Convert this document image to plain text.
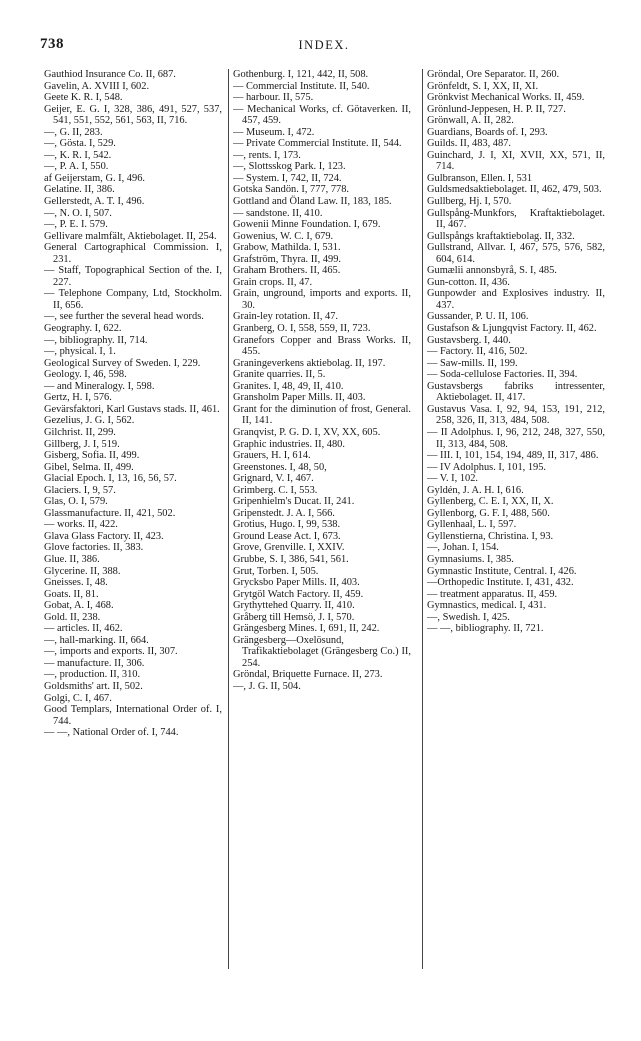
738	INDEX.

Gauthiod Insurance Co. II, 687.

Gavelin, A. XVIII I, 602.

Geete K. R. I, 548.

Geijer, E. G. I, 328, 386, 491, 527, 537, 541, 551, 552, 561, 563, II, 716.

—, G. II, 283.

—, Gösta. I, 529.

—, K. R. I, 542.

—, P. A. I, 550.

af Geijerstam, G. I, 496.

Gelatine. II, 386.

Gellerstedt, A. T. I, 496.

—, N. O. I, 507.

—, P. E. I. 579.

Gellivare malmfält, Aktiebolaget. II, 254.

General Cartographical Commission. I, 231.

— Staff, Topographical Section of the. I, 227.

— Telephone Company, Ltd, Stockholm. II, 656.

—, see further the several head words.

Geography. I, 622.

—, bibliography. II, 714.

—, physical. I, 1.

Geological Survey of Sweden. I, 229.

Geology. I, 46, 598.

— and Mineralogy. I, 598.

Gertz, H. I, 576.

Gevärsfaktori, Karl Gustavs stads. II, 461.

Gezelius, J. G. I, 562.

Gilchrist. II, 299.

Gillberg, J. I, 519.

Gisberg, Sofia. II, 499.

Gibel, Selma. II, 499.

Glacial Epoch. I, 13, 16, 56, 57.

Glaciers. I, 9, 57.

Glas, O. I, 579.

Glassmanufacture. II, 421, 502.

— works. II, 422.

Glava Glass Factory. II, 423.

Glove factories. II, 383.

Glue. II, 386.

Glycerine. II, 388.

Gneisses. I, 48.

Goats. II, 81.

Gobat, A. I, 468.

Gold. II, 238.

— articles. II, 462.

—, hall-marking. II, 664.

—, imports and exports. II, 307.

— manufacture. II, 306.

—, production. II, 310.

Goldsmiths' art. II, 502.

Golgi, C. I, 467.

Good Templars, International Order of. I, 744.

— —, National Order of. I, 744.

Gothenburg. I, 121, 442, II, 508.

— Commercial Institute. II, 540.

— harbour. II, 575.

— Mechanical Works, cf. Götaverken. II, 457, 459.

— Museum. I, 472.

— Private Commercial Institute. II, 544.

—, rents. I, 173.

—, Slottsskog Park. I, 123.

— System. I, 742, II, 724.

Gotska Sandön. I, 777, 778.

Gottland and Öland Law. II, 183, 185.

— sandstone. II, 410.

Gowenii Minne Foundation. I, 679.

Gowenius, W. C. I, 679.

Grabow, Mathilda. I, 531.

Grafström, Thyra. II, 499.

Graham Brothers. II, 465.

Grain crops. II, 47.

Grain, unground, imports and exports. II, 30.

Grain-ley rotation. II, 47.

Granberg, O. I, 558, 559, II, 723.

Granefors Copper and Brass Works. II, 455.

Graningeverkens aktiebolag. II, 197.

Granite quarries. II, 5.

Granites. I, 48, 49, II, 410.

Gransholm Paper Mills. II, 403.

Grant for the diminution of frost, General. II, 141.

Granqvist, P. G. D. I, XV, XX, 605.

Graphic industries. II, 480.

Grauers, H. I, 614.

Greenstones. I, 48, 50,

Grignard, V. I, 467.

Grimberg. C. I, 553.

Gripenhielm's Ducat. II, 241.

Gripenstedt. J. A. I, 566.

Grotius, Hugo. I, 99, 538.

Ground Lease Act. I, 673.

Grove, Grenville. I, XXIV.

Grubbe, S. I, 386, 541, 561.

Grut, Torben. I, 505.

Grycksbo Paper Mills. II, 403.

Grytgöl Watch Factory. II, 459.

Grythyttehed Quarry. II, 410.

Gråberg till Hemsö, J. I, 570.

Grängesberg Mines. I, 691, II, 242.

Grängesberg—Oxelösund, Trafikaktiebolaget (Grängesberg Co.) II, 254.

Gröndal, Briquette Furnace. II, 273.

—, J. G. II, 504.

Gröndal, Ore Separator. II, 260.

Grönfeldt, S. I, XX, II, XI.

Grönkvist Mechanical Works. II, 459.

Grönlund-Jeppesen, H. P. II, 727.

Grönwall, A. II, 282.

Guardians, Boards of. I, 293.

Guilds. II, 483, 487.

Guinchard, J. I, XI, XVII, XX, 571, II, 714.

Gulbranson, Ellen. I, 531

Guldsmedsaktiebolaget. II, 462, 479, 503.

Gullberg, Hj. I, 570.

Gullspång-Munkfors, Kraftaktiebolaget. II, 467.

Gullspångs kraftaktiebolag. II, 332.

Gullstrand, Allvar. I, 467, 575, 576, 582, 604, 614.

Gumælii annonsbyrå, S. I, 485.

Gun-cotton. II, 436.

Gunpowder and Explosives industry. II, 437.

Gussander, P. U. II, 106.

Gustafson & Ljungqvist Factory. II, 462.

Gustavsberg. I, 440.

— Factory. II, 416, 502.

— Saw-mills. II, 199.

— Soda-cellulose Factories. II, 394.

Gustavsbergs fabriks intressenter, Aktiebolaget. II, 417.

Gustavus Vasa. I, 92, 94, 153, 191, 212, 258, 326, II, 313, 484, 508.

— II Adolphus. I, 96, 212, 248, 327, 550, II, 313, 484, 508.

— III. I, 101, 154, 194, 489, II, 317, 486.

— IV Adolphus. I, 101, 195.

— V. I, 102.

Gyldén, J. A. H. I, 616.

Gyllenberg, C. E. I, XX, II, X.

Gyllenborg, G. F. I, 488, 560.

Gyllenhaal, L. I, 597.

Gyllenstierna, Christina. I, 93.

—, Johan. I, 154.

Gymnasiums. I, 385.

Gymnastic Institute, Central. I, 426.

—Orthopedic Institute. I, 431, 432.

— treatment apparatus. II, 459.

Gymnastics, medical. I, 431.

—, Swedish. I, 425.

— —, bibliography. II, 721.
